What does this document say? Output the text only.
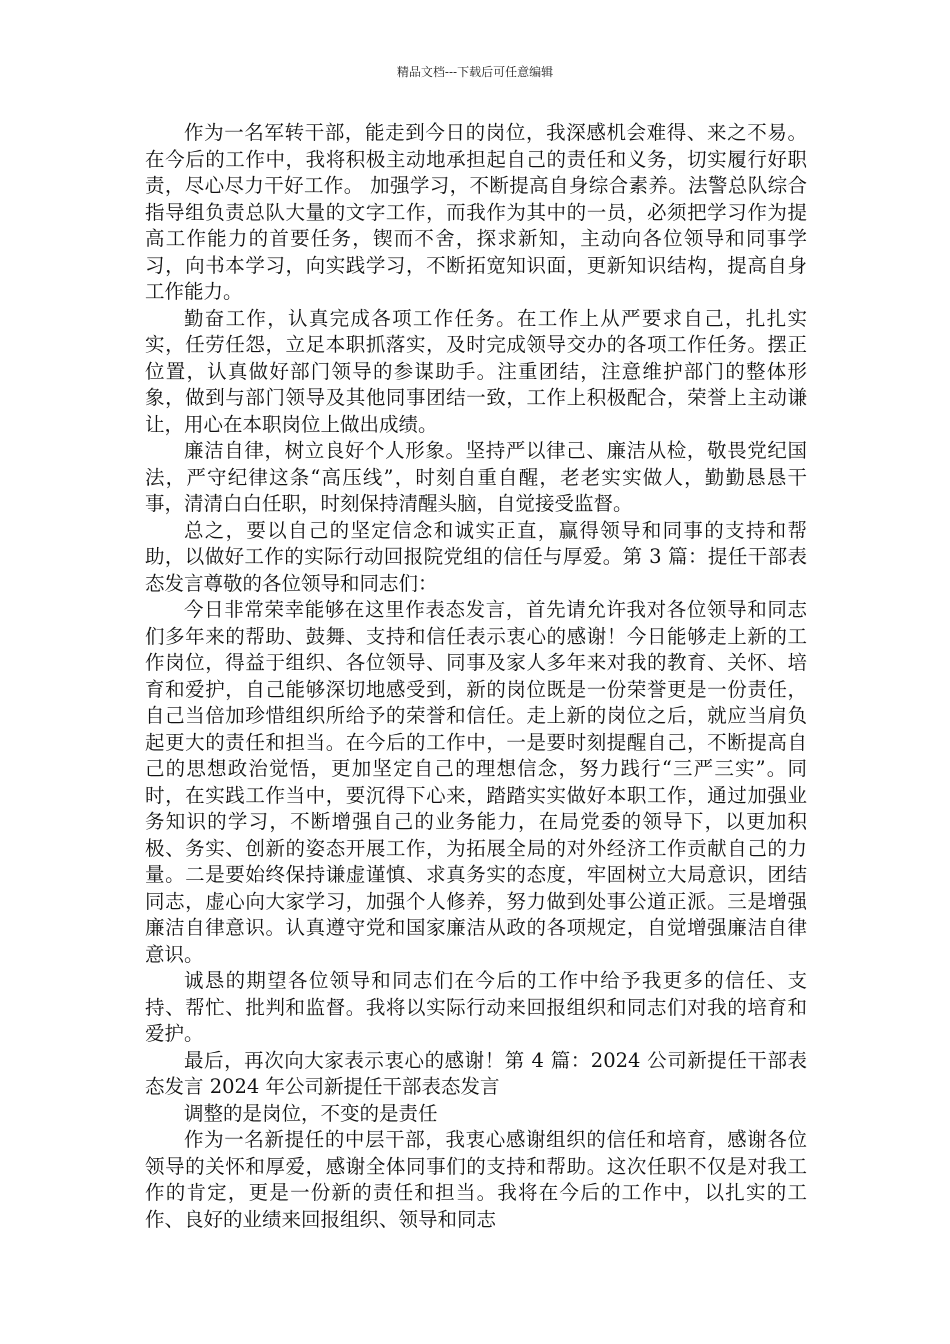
精品文档---下载后可任意编辑

作为一名军转干部，能走到今日的岗位，我深感机会难得、来之不易。在今后的工作中，我将积极主动地承担起自己的责任和义务，切实履行好职责，尽心尽力干好工作。 加强学习，不断提高自身综合素养。法警总队综合指导组负责总队大量的文字工作，而我作为其中的一员，必须把学习作为提高工作能力的首要任务，锲而不舍，探求新知，主动向各位领导和同事学习，向书本学习，向实践学习，不断拓宽知识面，更新知识结构，提高自身工作能力。

勤奋工作，认真完成各项工作任务。在工作上从严要求自己，扎扎实实，任劳任怨，立足本职抓落实，及时完成领导交办的各项工作任务。摆正位置，认真做好部门领导的参谋助手。注重团结，注意维护部门的整体形象，做到与部门领导及其他同事团结一致，工作上积极配合，荣誉上主动谦让，用心在本职岗位上做出成绩。

廉洁自律，树立良好个人形象。坚持严以律己、廉洁从检，敬畏党纪国法，严守纪律这条“高压线”，时刻自重自醒，老老实实做人，勤勤恳恳干事，清清白白任职，时刻保持清醒头脑，自觉接受监督。

总之，要以自己的坚定信念和诚实正直，赢得领导和同事的支持和帮助，以做好工作的实际行动回报院党组的信任与厚爱。第 3 篇：提任干部表态发言尊敬的各位领导和同志们：

今日非常荣幸能够在这里作表态发言，首先请允许我对各位领导和同志们多年来的帮助、鼓舞、支持和信任表示衷心的感谢！今日能够走上新的工作岗位，得益于组织、各位领导、同事及家人多年来对我的教育、关怀、培育和爱护，自己能够深切地感受到，新的岗位既是一份荣誉更是一份责任，自己当倍加珍惜组织所给予的荣誉和信任。走上新的岗位之后，就应当肩负起更大的责任和担当。在今后的工作中，一是要时刻提醒自己，不断提高自己的思想政治觉悟，更加坚定自己的理想信念，努力践行“三严三实”。同时，在实践工作当中，要沉得下心来，踏踏实实做好本职工作，通过加强业务知识的学习，不断增强自己的业务能力，在局党委的领导下，以更加积极、务实、创新的姿态开展工作，为拓展全局的对外经济工作贡献自己的力量。二是要始终保持谦虚谨慎、求真务实的态度，牢固树立大局意识，团结同志，虚心向大家学习，加强个人修养，努力做到处事公道正派。三是增强廉洁自律意识。认真遵守党和国家廉洁从政的各项规定，自觉增强廉洁自律意识。

诚恳的期望各位领导和同志们在今后的工作中给予我更多的信任、支持、帮忙、批判和监督。我将以实际行动来回报组织和同志们对我的培育和爱护。

最后，再次向大家表示衷心的感谢！第 4 篇：2024 公司新提任干部表态发言 2024 年公司新提任干部表态发言

调整的是岗位，不变的是责任

作为一名新提任的中层干部，我衷心感谢组织的信任和培育，感谢各位领导的关怀和厚爱，感谢全体同事们的支持和帮助。这次任职不仅是对我工作的肯定，更是一份新的责任和担当。我将在今后的工作中，以扎实的工作、良好的业绩来回报组织、领导和同志
